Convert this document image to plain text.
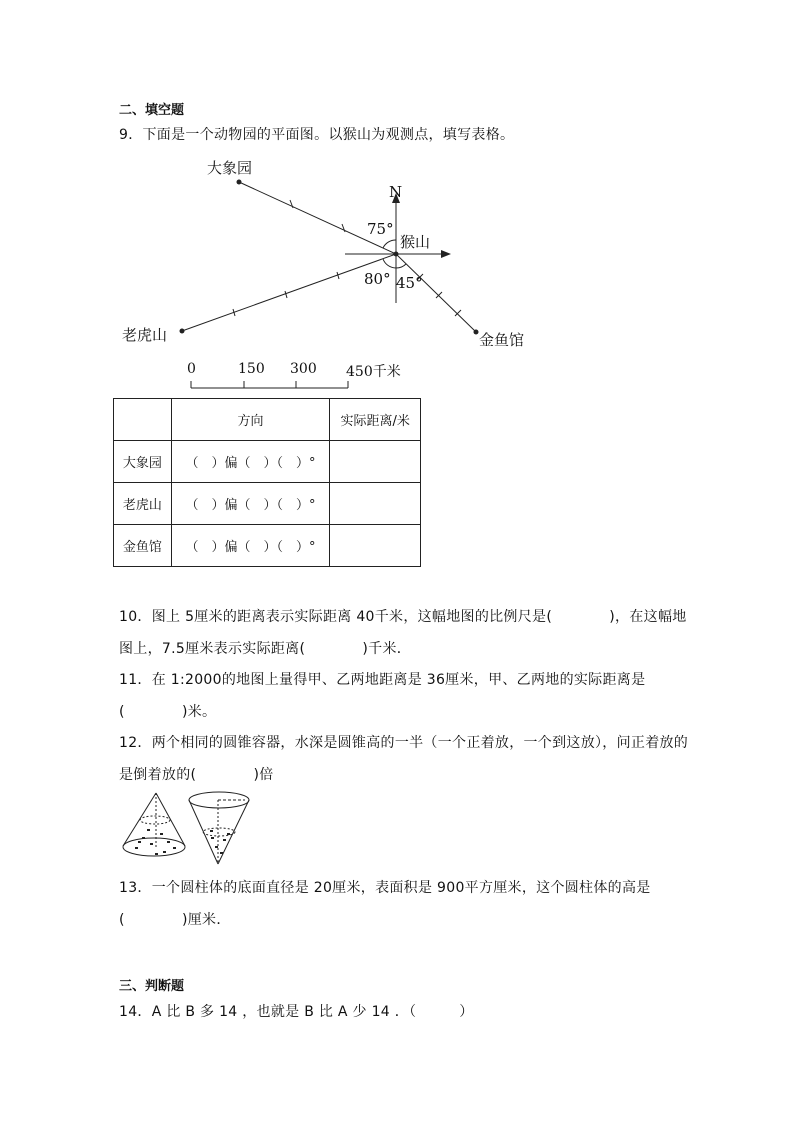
二、填空题
9．下面是一个动物园的平面图。以猴山为观测点，填写表格。
N
猴山
大象园
老虎山	金鱼馆
75°
80° 45°
0	150 300 450千米
	方向	实际距离/米
大象园	（　）偏（　）（　）°	
老虎山	（　）偏（　）（　）°	
金鱼馆	（　）偏（　）（　）°	
10．图上 5厘米的距离表示实际距离 40千米，这幅地图的比例尺是(　　　　)，在这幅地
图上，7.5厘米表示实际距离(　　　　)千米．
11．在 1:2000的地图上量得甲、乙两地距离是 36厘米，甲、乙两地的实际距离是
(　　　　)米。
12．两个相同的圆锥容器，水深是圆锥高的一半（一个正着放，一个到这放），问正着放的
是倒着放的(　　　　)倍
13．一个圆柱体的底面直径是 20厘米，表面积是 900平方厘米，这个圆柱体的高是
(　　　　)厘米．
三、判断题
14．A 比 B 多 14 ，也就是 B 比 A 少 14 ．（　　　）
